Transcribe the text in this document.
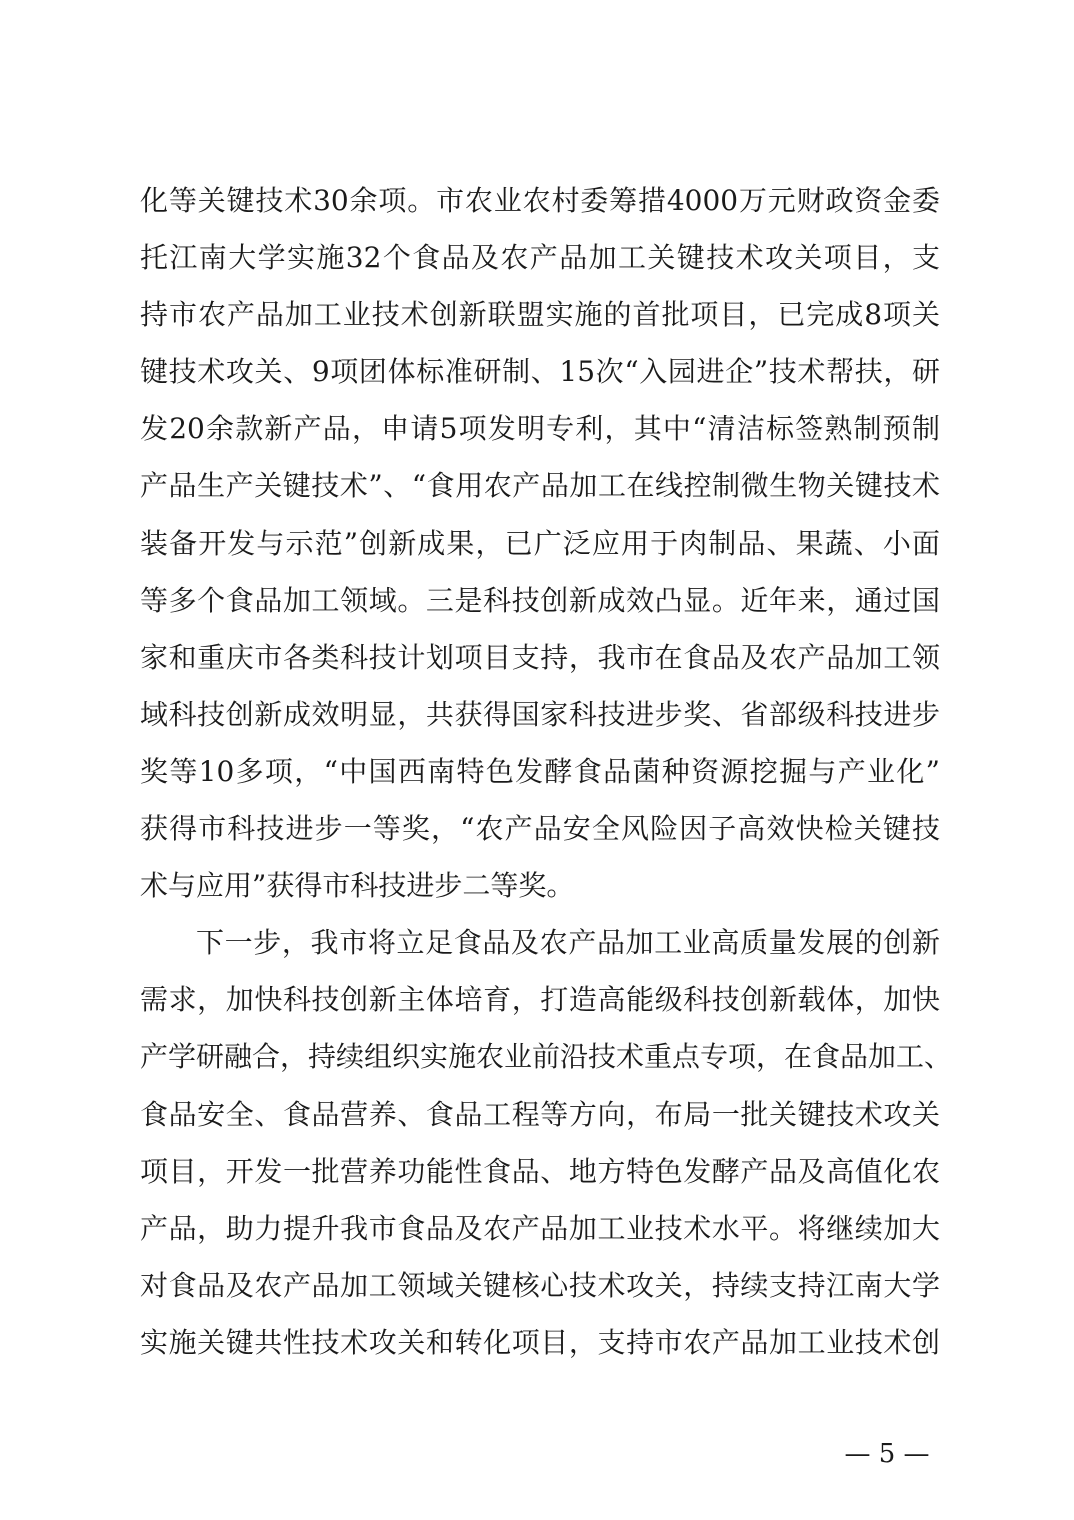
化等关键技术30余项。市农业农村委筹措4000万元财政资金委
托江南大学实施32个食品及农产品加工关键技术攻关项目，支
持市农产品加工业技术创新联盟实施的首批项目，已完成8项关
键技术攻关、9项团体标准研制、15次“入园进企”技术帮扶，研
发20余款新产品，申请5项发明专利，其中“清洁标签熟制预制
产品生产关键技术”、“食用农产品加工在线控制微生物关键技术
装备开发与示范”创新成果，已广泛应用于肉制品、果蔬、小面
等多个食品加工领域。三是科技创新成效凸显。近年来，通过国
家和重庆市各类科技计划项目支持，我市在食品及农产品加工领
域科技创新成效明显，共获得国家科技进步奖、省部级科技进步
奖等10多项，“中国西南特色发酵食品菌种资源挖掘与产业化”
获得市科技进步一等奖，“农产品安全风险因子高效快检关键技
术与应用”获得市科技进步二等奖。
下一步，我市将立足食品及农产品加工业高质量发展的创新
需求，加快科技创新主体培育，打造高能级科技创新载体，加快
产学研融合，持续组织实施农业前沿技术重点专项，在食品加工、
食品安全、食品营养、食品工程等方向，布局一批关键技术攻关
项目，开发一批营养功能性食品、地方特色发酵产品及高值化农
产品，助力提升我市食品及农产品加工业技术水平。将继续加大
对食品及农产品加工领域关键核心技术攻关，持续支持江南大学
实施关键共性技术攻关和转化项目，支持市农产品加工业技术创
— 5 —
